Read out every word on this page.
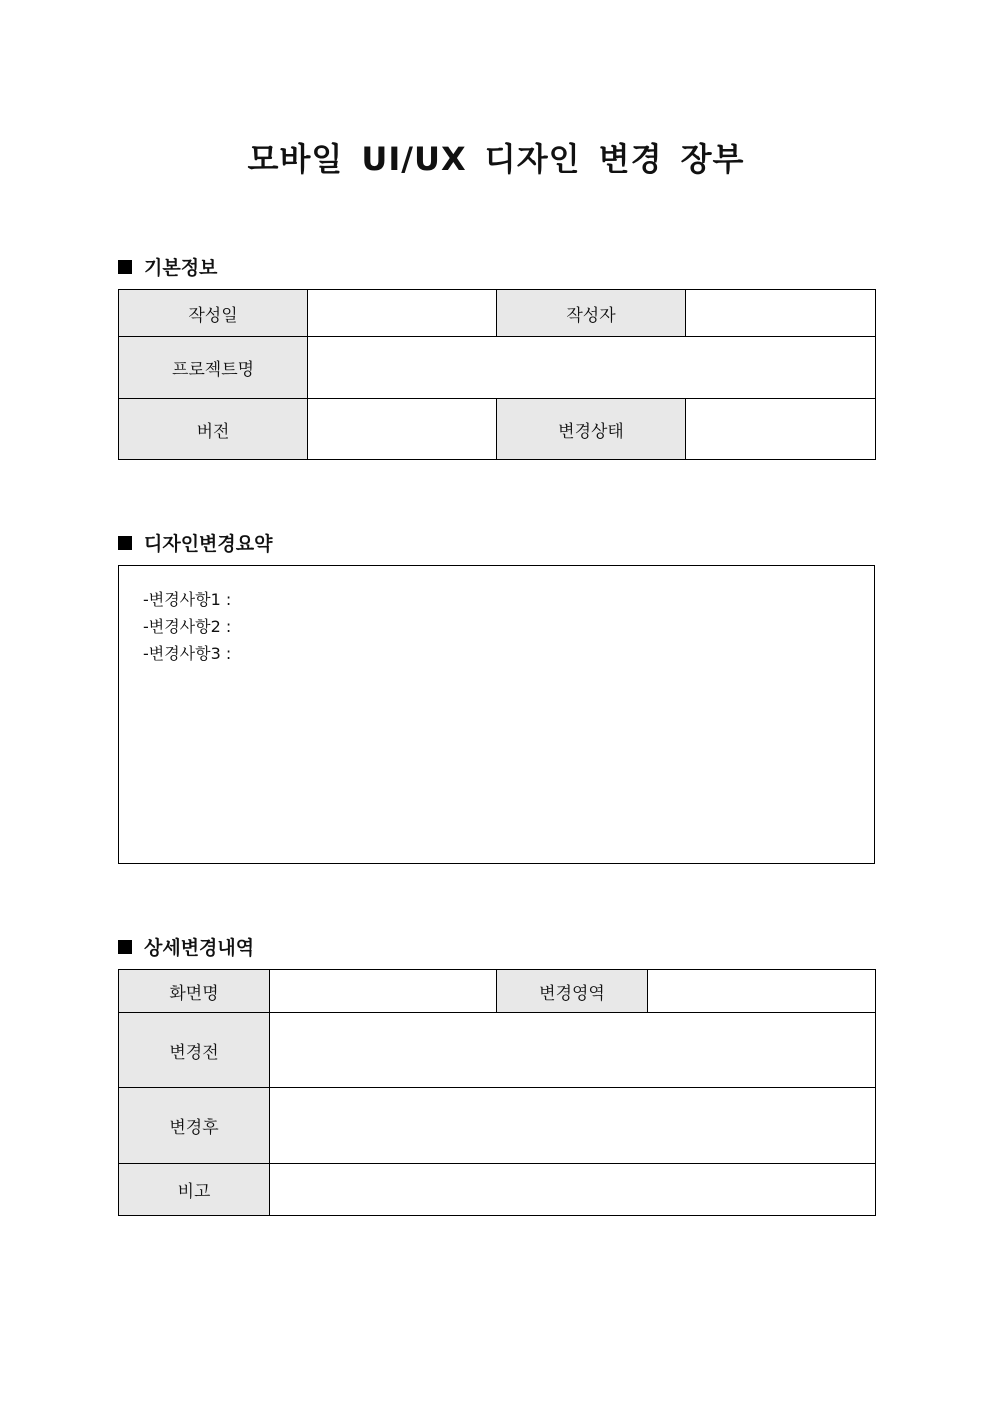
모바일 UI/UX 디자인 변경 장부
기본정보
작성일		작성자	
프로젝트명			
버전		변경상태	
디자인변경요약
-변경사항1 :
-변경사항2 :
-변경사항3 :
상세변경내역
화면명		변경영역	
변경전			
변경후			
비고			
